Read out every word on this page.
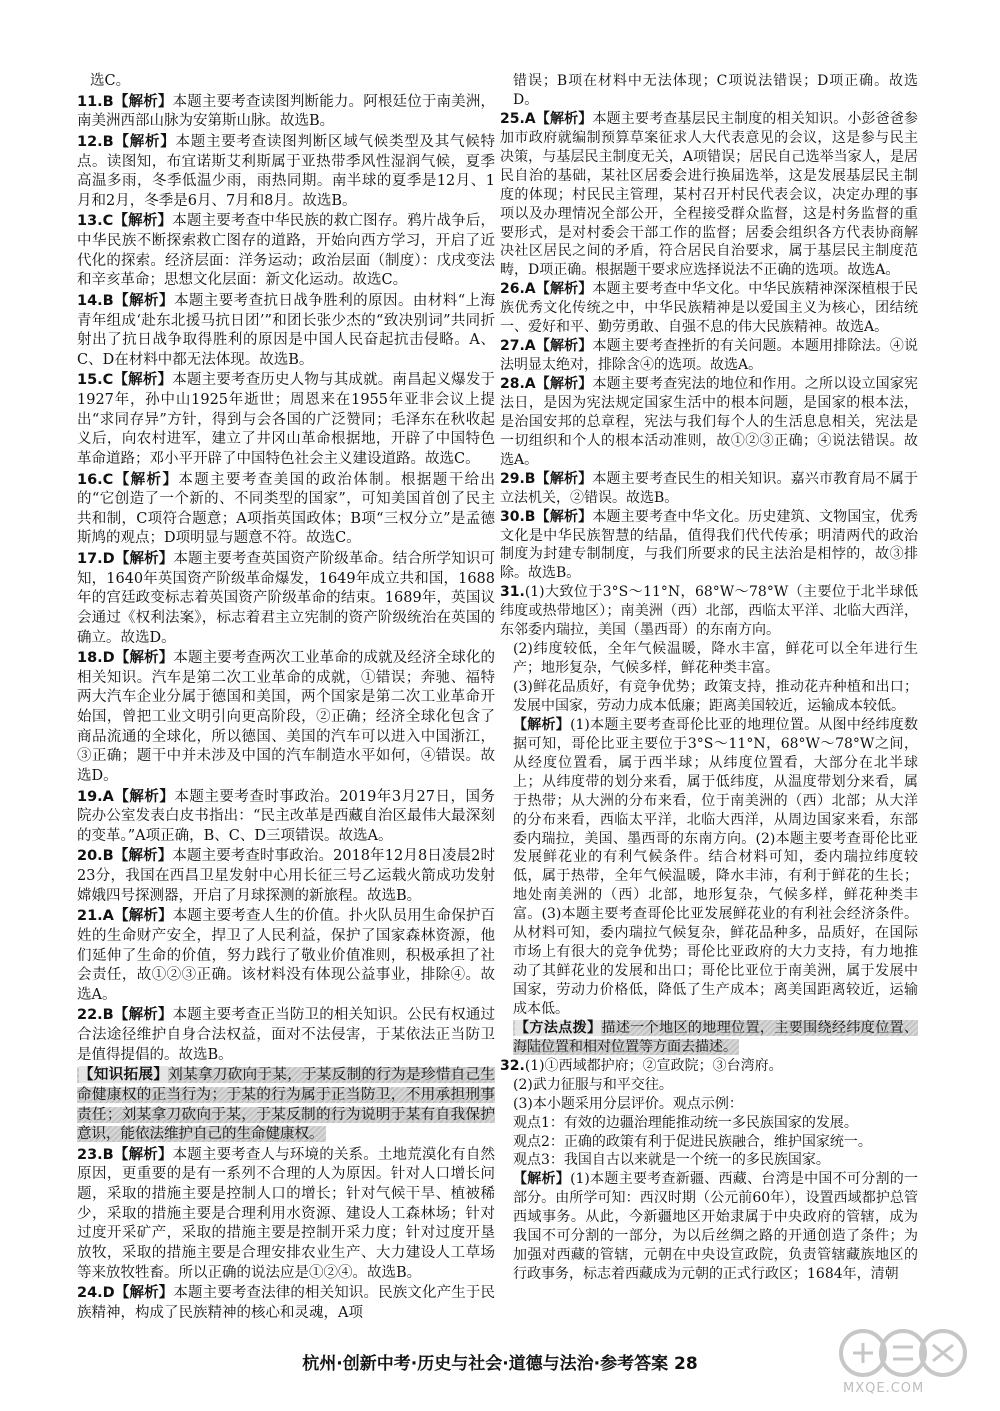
选C。

11.B【解析】本题主要考查读图判断能力。阿根廷位于南美洲，南美洲西部山脉为安第斯山脉。故选B。

12.B【解析】本题主要考查读图判断区域气候类型及其气候特点。读图知，布宜诺斯艾利斯属于亚热带季风性湿润气候，夏季高温多雨，冬季低温少雨，雨热同期。南半球的夏季是12月、1月和2月，冬季是6月、7月和8月。故选B。

13.C【解析】本题主要考查中华民族的救亡图存。鸦片战争后，中华民族不断探索救亡图存的道路，开始向西方学习，开启了近代化的探索。经济层面：洋务运动；政治层面（制度）：戊戌变法和辛亥革命；思想文化层面：新文化运动。故选C。

14.B【解析】本题主要考查抗日战争胜利的原因。由材料“上海青年组成‘赴东北援马抗日团’”和团长张少杰的“致决别词”共同折射出了抗日战争取得胜利的原因是中国人民奋起抗击侵略。A、C、D在材料中都无法体现。故选B。

15.C【解析】本题主要考查历史人物与其成就。南昌起义爆发于1927年，孙中山1925年逝世；周恩来在1955年亚非会议上提出“求同存异”方针，得到与会各国的广泛赞同；毛泽东在秋收起义后，向农村进军，建立了井冈山革命根据地，开辟了中国特色革命道路；邓小平开辟了中国特色社会主义建设道路。故选C。

16.C【解析】本题主要考查美国的政治体制。根据题干给出的“它创造了一个新的、不同类型的国家”，可知美国首创了民主共和制，C项符合题意；A项指英国政体；B项“三权分立”是孟德斯鸠的观点；D项明显与题意不符。故选C。

17.D【解析】本题主要考查英国资产阶级革命。结合所学知识可知，1640年英国资产阶级革命爆发，1649年成立共和国，1688年的宫廷政变标志着英国资产阶级革命的结束。1689年，英国议会通过《权利法案》，标志着君主立宪制的资产阶级统治在英国的确立。故选D。

18.D【解析】本题主要考查两次工业革命的成就及经济全球化的相关知识。汽车是第二次工业革命的成就，①错误；奔驰、福特两大汽车企业分属于德国和美国，两个国家是第二次工业革命开始国，曾把工业文明引向更高阶段，②正确；经济全球化包含了商品流通的全球化，所以德国、美国的汽车可以进入中国浙江，③正确；题干中并未涉及中国的汽车制造水平如何，④错误。故选D。

19.A【解析】本题主要考查时事政治。2019年3月27日，国务院办公室发表白皮书指出：“民主改革是西藏自治区最伟大最深刻的变革。”A项正确，B、C、D三项错误。故选A。

20.B【解析】本题主要考查时事政治。2018年12月8日凌晨2时23分，我国在西昌卫星发射中心用长征三号乙运载火箭成功发射嫦娥四号探测器，开启了月球探测的新旅程。故选B。

21.A【解析】本题主要考查人生的价值。扑火队员用生命保护百姓的生命财产安全，捍卫了人民利益，保护了国家森林资源，他们延伸了生命的价值，努力践行了敬业价值准则，积极承担了社会责任，故①②③正确。该材料没有体现公益事业，排除④。故选A。

22.B【解析】本题主要考查正当防卫的相关知识。公民有权通过合法途径维护自身合法权益，面对不法侵害，于某依法正当防卫是值得提倡的。故选B。

【知识拓展】刘某拿刀砍向于某，于某反制的行为是珍惜自己生命健康权的正当行为；于某的行为属于正当防卫，不用承担刑事责任；刘某拿刀砍向于某，于某反制的行为说明于某有自我保护意识，能依法维护自己的生命健康权。

23.B【解析】本题主要考查人与环境的关系。土地荒漠化有自然原因，更重要的是有一系列不合理的人为原因。针对人口增长问题，采取的措施主要是控制人口的增长；针对气候干旱、植被稀少，采取的措施主要是合理利用水资源、建设人工森林场；针对过度开采矿产，采取的措施主要是控制开采力度；针对过度开垦放牧，采取的措施主要是合理安排农业生产、大力建设人工草场等来放牧牲畜。所以正确的说法应是①②④。故选B。

24.D【解析】本题主要考查法律的相关知识。民族文化产生于民族精神，构成了民族精神的核心和灵魂，A项

错误；B项在材料中无法体现；C项说法错误；D项正确。故选D。

25.A【解析】本题主要考查基层民主制度的相关知识。小彭爸爸参加市政府就编制预算草案征求人大代表意见的会议，这是参与民主决策，与基层民主制度无关，A项错误；居民自己选举当家人，是居民自治的基础，某社区居委会进行换届选举，这是发展基层民主制度的体现；村民民主管理，某村召开村民代表会议，决定办理的事项以及办理情况全部公开，全程接受群众监督，这是村务监督的重要形式，是对村委会干部工作的监督；居委会组织各方代表协商解决社区居民之间的矛盾，符合居民自治要求，属于基层民主制度范畴，D项正确。根据题干要求应选择说法不正确的选项。故选A。

26.A【解析】本题主要考查中华文化。中华民族精神深深植根于民族优秀文化传统之中，中华民族精神是以爱国主义为核心，团结统一、爱好和平、勤劳勇敢、自强不息的伟大民族精神。故选A。

27.A【解析】本题主要考查挫折的有关问题。本题用排除法。④说法明显太绝对，排除含④的选项。故选A。

28.A【解析】本题主要考查宪法的地位和作用。之所以设立国家宪法日，是因为宪法规定国家生活中的根本问题，是国家的根本法，是治国安邦的总章程，宪法与我们每个人的生活息息相关，宪法是一切组织和个人的根本活动准则，故①②③正确；④说法错误。故选A。

29.B【解析】本题主要考查民生的相关知识。嘉兴市教育局不属于立法机关，②错误。故选B。

30.B【解析】本题主要考查中华文化。历史建筑、文物国宝，优秀文化是中华民族智慧的结晶，值得我们代代传承；明清两代的政治制度为封建专制制度，与我们所要求的民主法治是相悖的，故③排除。故选B。

31.(1)大致位于3°S～11°N，68°W～78°W（主要位于北半球低纬度或热带地区）；南美洲（西）北部，西临太平洋、北临大西洋，东邻委内瑞拉，美国（墨西哥）的东南方向。

(2)纬度较低，全年气候温暖，降水丰富，鲜花可以全年进行生产；地形复杂，气候多样，鲜花种类丰富。

(3)鲜花品质好，有竞争优势；政策支持，推动花卉种植和出口；发展中国家，劳动力成本低廉；距离美国较近，运输成本较低。

【解析】(1)本题主要考查哥伦比亚的地理位置。从图中经纬度数据可知，哥伦比亚主要位于3°S～11°N，68°W～78°W之间，从经度位置看，属于西半球；从纬度位置看，大部分在北半球上；从纬度带的划分来看，属于低纬度，从温度带划分来看，属于热带；从大洲的分布来看，位于南美洲的（西）北部；从大洋的分布来看，西临太平洋，北临大西洋，从周边国家来看，东部委内瑞拉，美国、墨西哥的东南方向。(2)本题主要考查哥伦比亚发展鲜花业的有利气候条件。结合材料可知，委内瑞拉纬度较低，属于热带，全年气候温暖，降水丰沛，有利于鲜花的生长；地处南美洲的（西）北部，地形复杂，气候多样，鲜花种类丰富。(3)本题主要考查哥伦比亚发展鲜花业的有利社会经济条件。从材料可知，委内瑞拉气候复杂，鲜花品种多，品质好，在国际市场上有很大的竞争优势；哥伦比亚政府的大力支持，有力地推动了其鲜花业的发展和出口；哥伦比亚位于南美洲，属于发展中国家，劳动力价格低，降低了生产成本；离美国距离较近，运输成本低。

【方法点拨】描述一个地区的地理位置，主要围绕经纬度位置、海陆位置和相对位置等方面去描述。

32.(1)①西域都护府；②宣政院；③台湾府。

(2)武力征服与和平交往。

(3)本小题采用分层评价。观点示例：

观点1：有效的边疆治理能推动统一多民族国家的发展。

观点2：正确的政策有利于促进民族融合，维护国家统一。

观点3：我国自古以来就是一个统一的多民族国家。

【解析】(1)本题主要考查新疆、西藏、台湾是中国不可分割的一部分。由所学可知：西汉时期（公元前60年），设置西域都护总管西域事务。从此，今新疆地区开始隶属于中央政府的管辖，成为我国不可分割的一部分，为以后丝绸之路的开通创造了条件；为加强对西藏的管辖，元朝在中央设宣政院，负责管辖藏族地区的行政事务，标志着西藏成为元朝的正式行政区；1684年，清朝

杭州·创新中考·历史与社会·道德与法治·参考答案 28
MXQE.COM
